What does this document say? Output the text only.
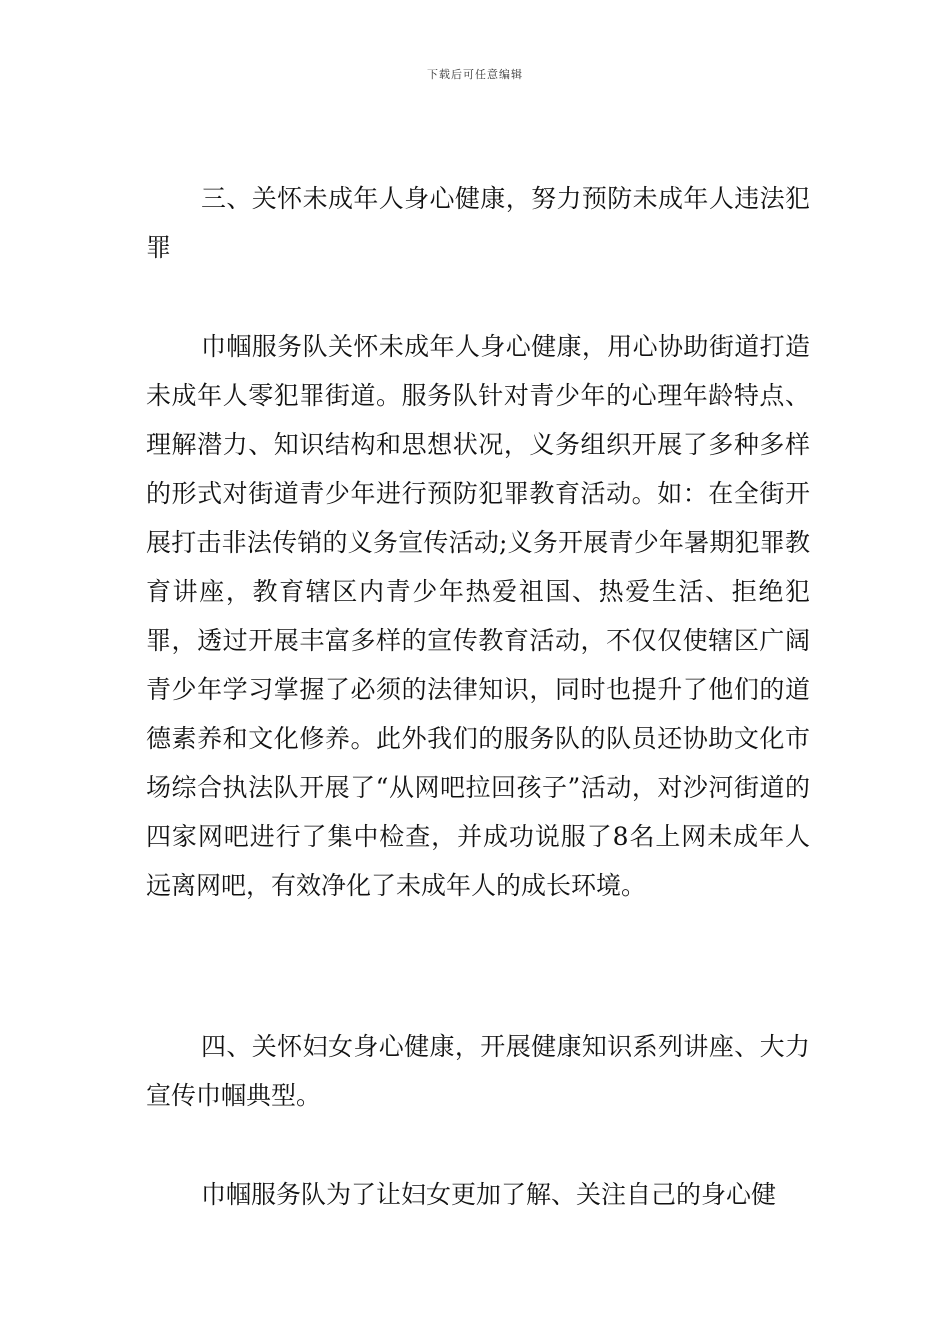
下载后可任意编辑

三、关怀未成年人身心健康，努力预防未成年人违法犯罪

巾帼服务队关怀未成年人身心健康，用心协助街道打造未成年人零犯罪街道。服务队针对青少年的心理年龄特点、理解潜力、知识结构和思想状况，义务组织开展了多种多样的形式对街道青少年进行预防犯罪教育活动。如：在全街开展打击非法传销的义务宣传活动;义务开展青少年暑期犯罪教育讲座，教育辖区内青少年热爱祖国、热爱生活、拒绝犯罪，透过开展丰富多样的宣传教育活动，不仅仅使辖区广阔青少年学习掌握了必须的法律知识，同时也提升了他们的道德素养和文化修养。此外我们的服务队的队员还协助文化市场综合执法队开展了“从网吧拉回孩子”活动，对沙河街道的四家网吧进行了集中检查，并成功说服了8名上网未成年人远离网吧，有效净化了未成年人的成长环境。

四、关怀妇女身心健康，开展健康知识系列讲座、大力宣传巾帼典型。

巾帼服务队为了让妇女更加了解、关注自己的身心健
